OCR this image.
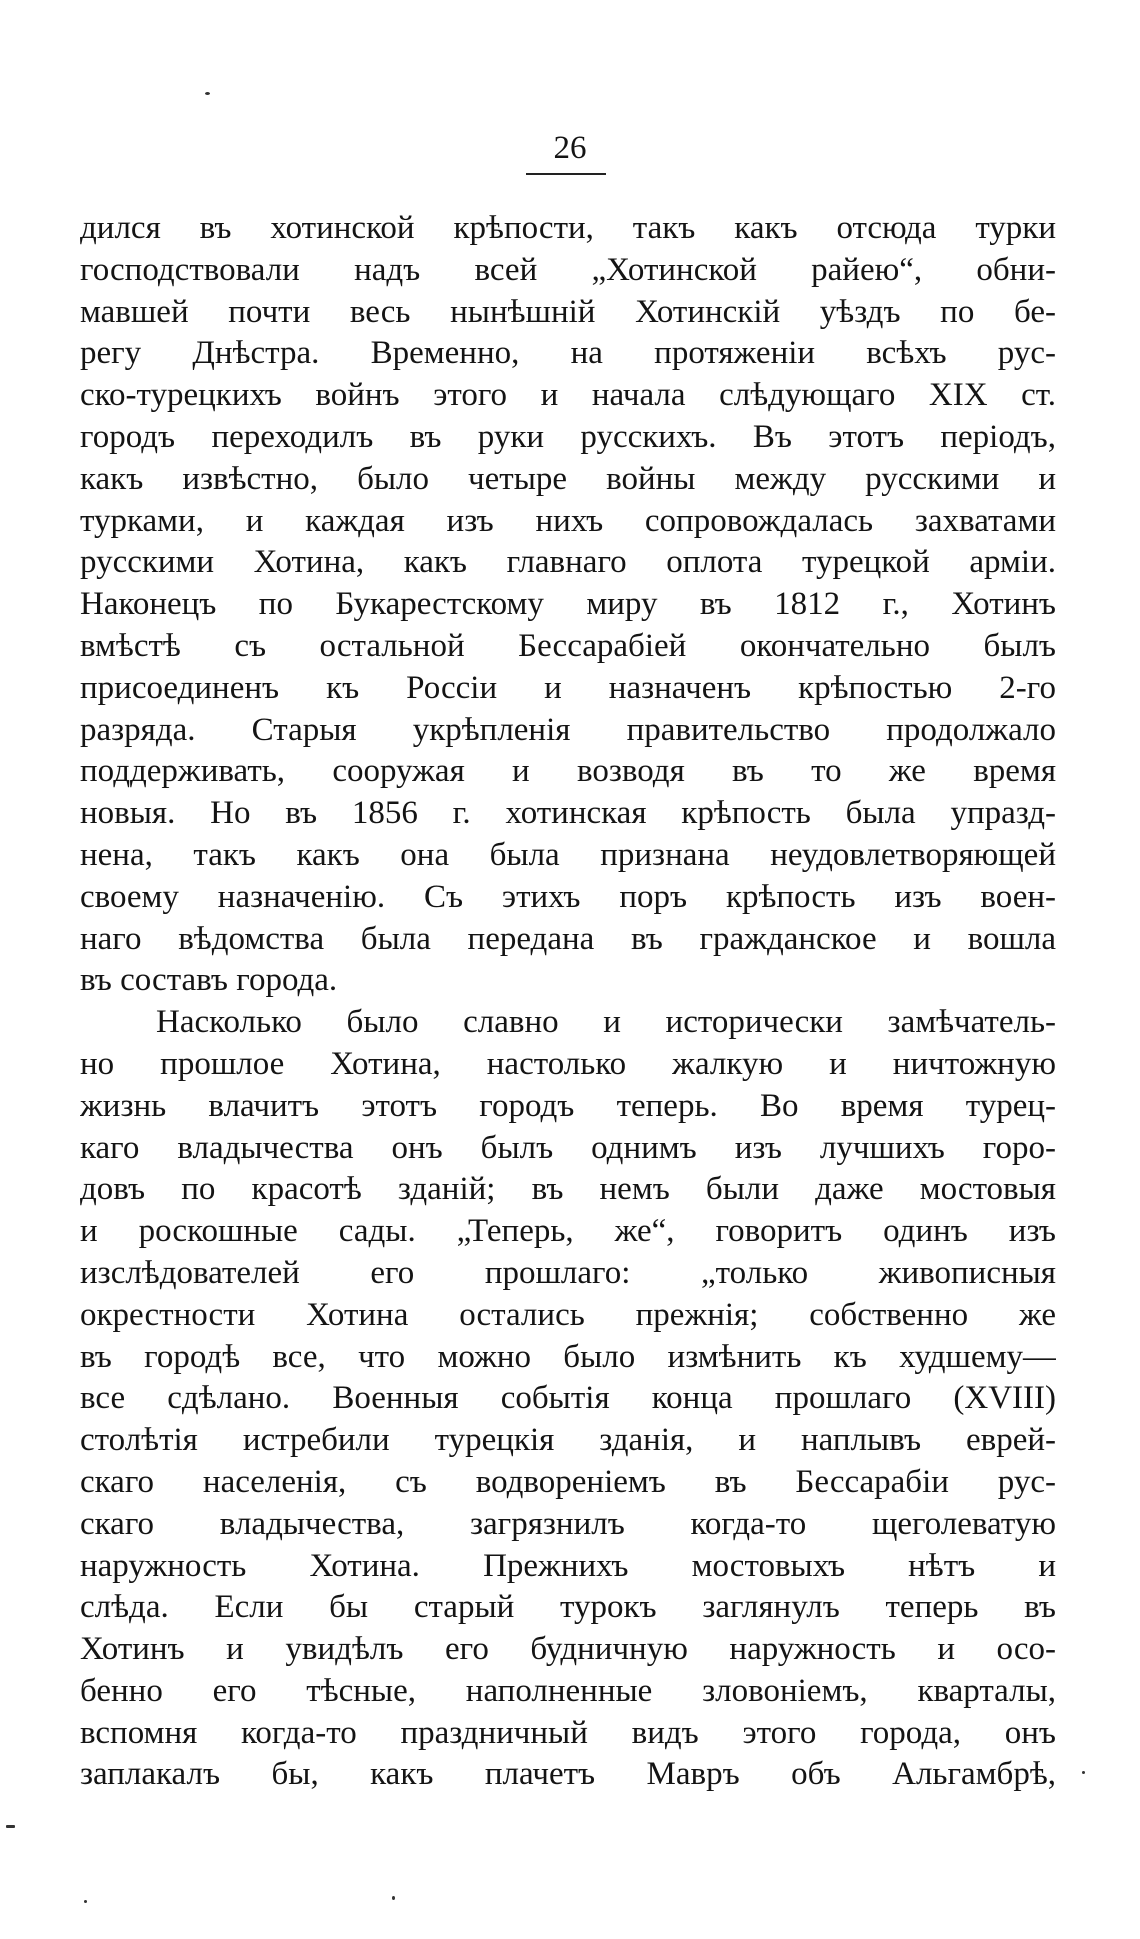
26
дился въ хотинской крѣпости, такъ какъ отсюда турки
господствовали надъ всей „Хотинской райею“, обни-
мавшей почти весь нынѣшній Хотинскій уѣздъ по бе-
регу Днѣстра. Временно, на протяженіи всѣхъ рус-
ско-турецкихъ войнъ этого и начала слѣдующаго XIX ст.
городъ переходилъ въ руки русскихъ. Въ этотъ періодъ,
какъ извѣстно, было четыре войны между русскими и
турками, и каждая изъ нихъ сопровождалась захватами
русскими Хотина, какъ главнаго оплота турецкой арміи.
Наконецъ по Букарестскому миру въ 1812 г., Хотинъ
вмѣстѣ съ остальной Бессарабіей окончательно былъ
присоединенъ къ Россіи и назначенъ крѣпостью 2-го
разряда. Старыя укрѣпленія правительство продолжало
поддерживать, сооружая и возводя въ то же время
новыя. Но въ 1856 г. хотинская крѣпость была упразд-
нена, такъ какъ она была признана неудовлетворяющей
своему назначенію. Съ этихъ поръ крѣпость изъ воен-
наго вѣдомства была передана въ гражданское и вошла
въ составъ города.
Насколько было славно и исторически замѣчатель-
но прошлое Хотина, настолько жалкую и ничтожную
жизнь влачитъ этотъ городъ теперь. Во время турец-
каго владычества онъ былъ однимъ изъ лучшихъ горо-
довъ по красотѣ зданій; въ немъ были даже мостовыя
и роскошные сады. „Теперь, же“, говоритъ одинъ изъ
изслѣдователей его прошлаго: „только живописныя
окрестности Хотина остались прежнія; собственно же
въ городѣ все, что можно было измѣнить къ худшему—
все сдѣлано. Военныя событія конца прошлаго (XVIII)
столѣтія истребили турецкія зданія, и наплывъ еврей-
скаго населенія, съ водвореніемъ въ Бессарабіи рус-
скаго владычества, загрязнилъ когда-то щеголеватую
наружность Хотина. Прежнихъ мостовыхъ нѣтъ и
слѣда. Если бы старый турокъ заглянулъ теперь въ
Хотинъ и увидѣлъ его будничную наружность и осо-
бенно его тѣсные, наполненные зловоніемъ, кварталы,
вспомня когда-то праздничный видъ этого города, онъ
заплакалъ бы, какъ плачетъ Мавръ объ Альгамбрѣ,
